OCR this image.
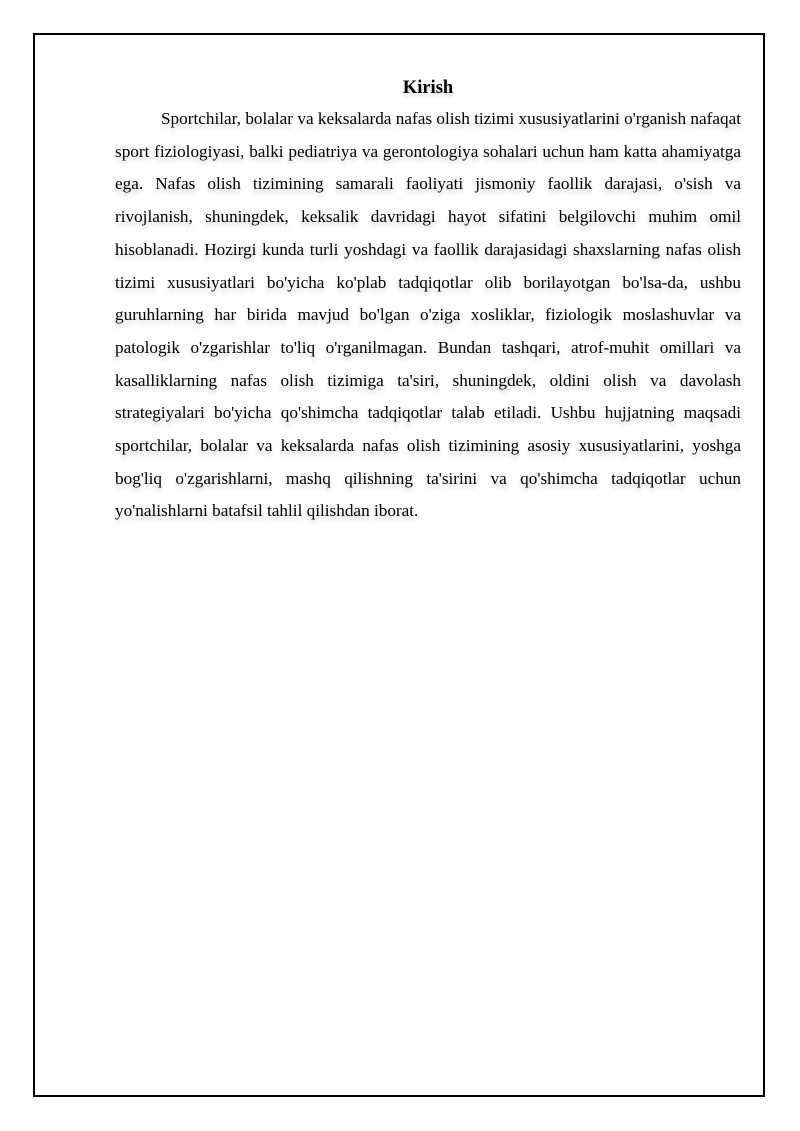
Kirish

Sportchilar, bolalar va keksalarda nafas olish tizimi xususiyatlarini o'rganish nafaqat sport fiziologiyasi, balki pediatriya va gerontologiya sohalari uchun ham katta ahamiyatga ega. Nafas olish tizimining samarali faoliyati jismoniy faollik darajasi, o'sish va rivojlanish, shuningdek, keksalik davridagi hayot sifatini belgilovchi muhim omil hisoblanadi. Hozirgi kunda turli yoshdagi va faollik darajasidagi shaxslarning nafas olish tizimi xususiyatlari bo'yicha ko'plab tadqiqotlar olib borilayotgan bo'lsa-da, ushbu guruhlarning har birida mavjud bo'lgan o'ziga xosliklar, fiziologik moslashuvlar va patologik o'zgarishlar to'liq o'rganilmagan. Bundan tashqari, atrof-muhit omillari va kasalliklarning nafas olish tizimiga ta'siri, shuningdek, oldini olish va davolash strategiyalari bo'yicha qo'shimcha tadqiqotlar talab etiladi. Ushbu hujjatning maqsadi sportchilar, bolalar va keksalarda nafas olish tizimining asosiy xususiyatlarini, yoshga bog'liq o'zgarishlarni, mashq qilishning ta'sirini va qo'shimcha tadqiqotlar uchun yo'nalishlarni batafsil tahlil qilishdan iborat.
